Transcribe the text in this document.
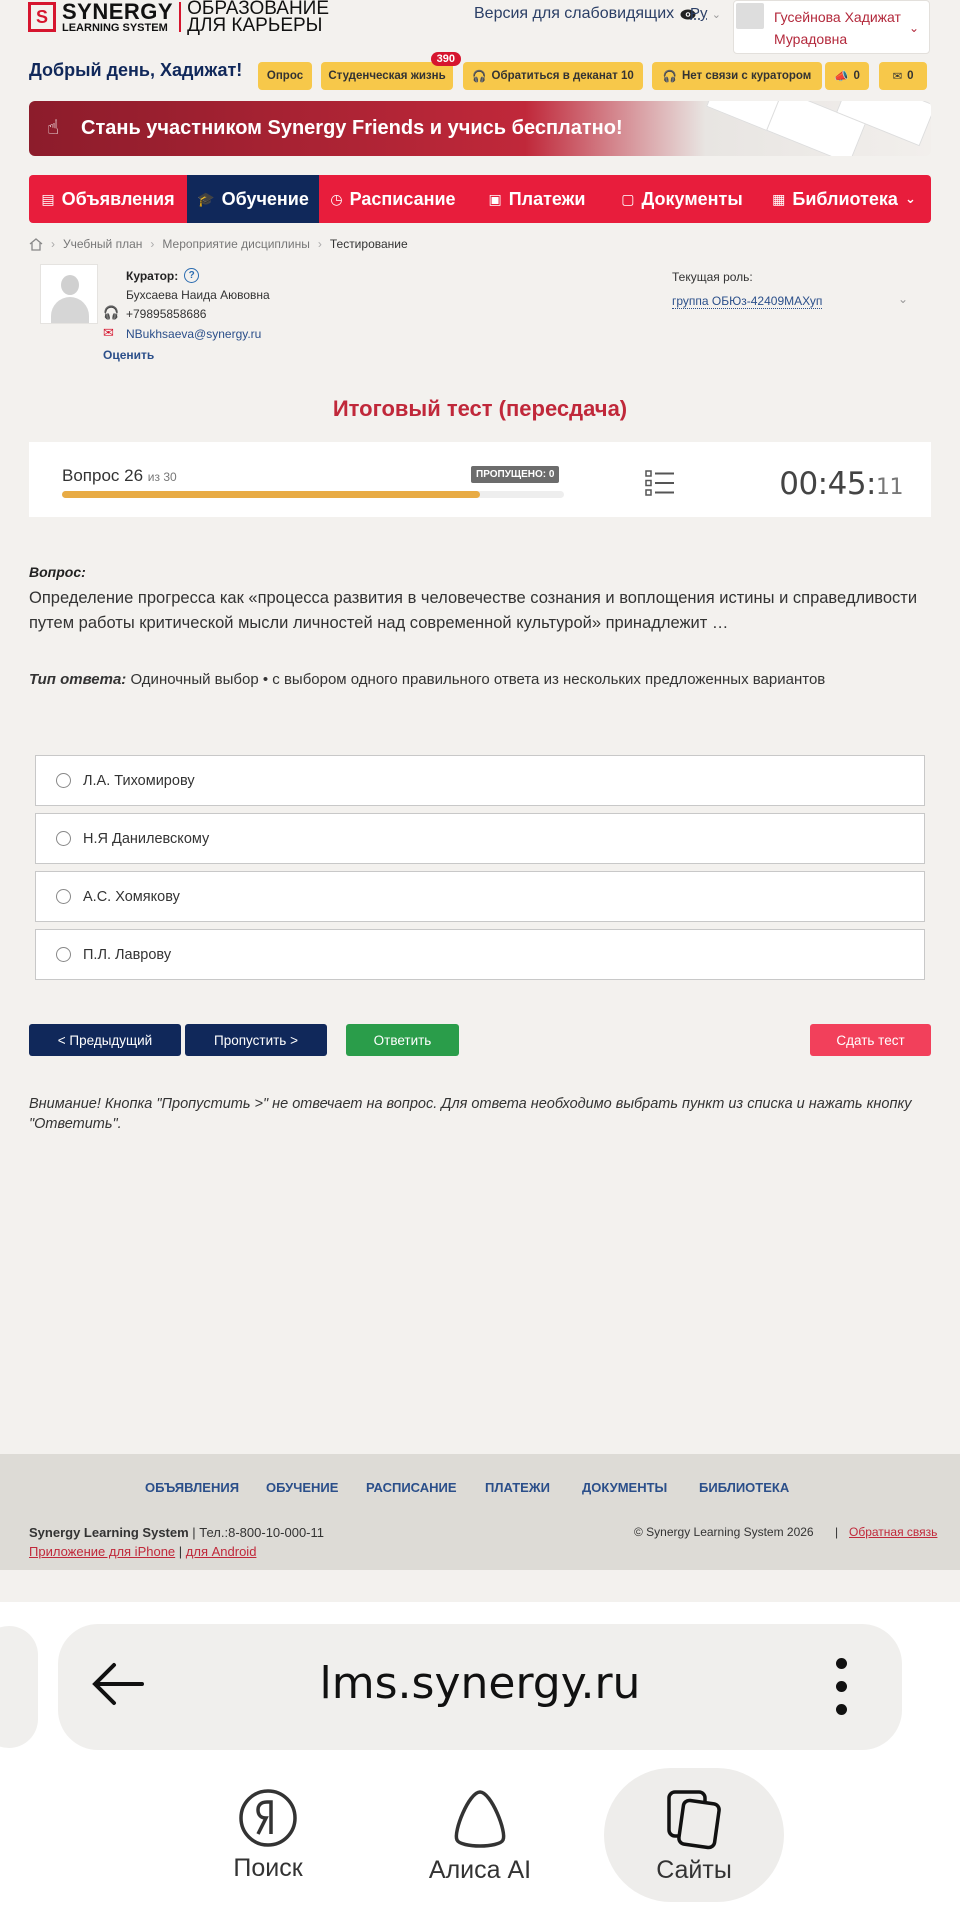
S SYNERGY
LEARNING SYSTEM
ОБРАЗОВАНИЕ
ДЛЯ КАРЬЕРЫ
Версия для слабовидящих Ру ⌄	Гусейнова Хадижат Мурадовна
⌄
Добрый день, Хадижат! Опрос Студенческая жизнь
390
🎧 Обратиться в деканат 10	🎧 Нет связи с куратором 📣 0	✉ 0
☝	Стань участником Synergy Friends и учись бесплатно!
▤ Объявления 🎓 Обучение ◷ Расписание ▣ Платежи	▢ Документы ▦ Библиотека ⌄
› Учебный план › Мероприятие дисциплины › Тестирование
Куратор:	?
Бухсаева Наида Аювовна
🎧 +79895858686
✉ NBukhsaeva@synergy.ru
Оценить
Текущая роль:
группа ОБЮз-42409МАХуп	⌄
Итоговый тест (пересдача)
Вопрос 26 из 30	ПРОПУЩЕНО: 0	00:45:11
Вопрос:
Определение прогресса как «процесса развития в человечестве сознания и воплощения истины и справедливости путем работы критической мысли личностей над современной культурой» принадлежит …
Тип ответа: Одиночный выбор • с выбором одного правильного ответа из нескольких предложенных вариантов
Л.А. Тихомирову
Н.Я Данилевскому
А.С. Хомякову
П.Л. Лаврову
< Предыдущий	Пропустить >	Ответить	Сдать тест
Внимание! Кнопка "Пропустить >" не отвечает на вопрос. Для ответа необходимо выбрать пункт из списка и нажать кнопку "Ответить".
ОБЪЯВЛЕНИЯ ОБУЧЕНИЕ РАСПИСАНИЕ ПЛАТЕЖИ ДОКУМЕНТЫ БИБЛИОТЕКА
Synergy Learning System | Тел.:8-800-10-000-11
Приложение для iPhone | для Android
© Synergy Learning System 2026 | Обратная связь
lms.synergy.ru
Поиск	Алиса AI	Сайты
